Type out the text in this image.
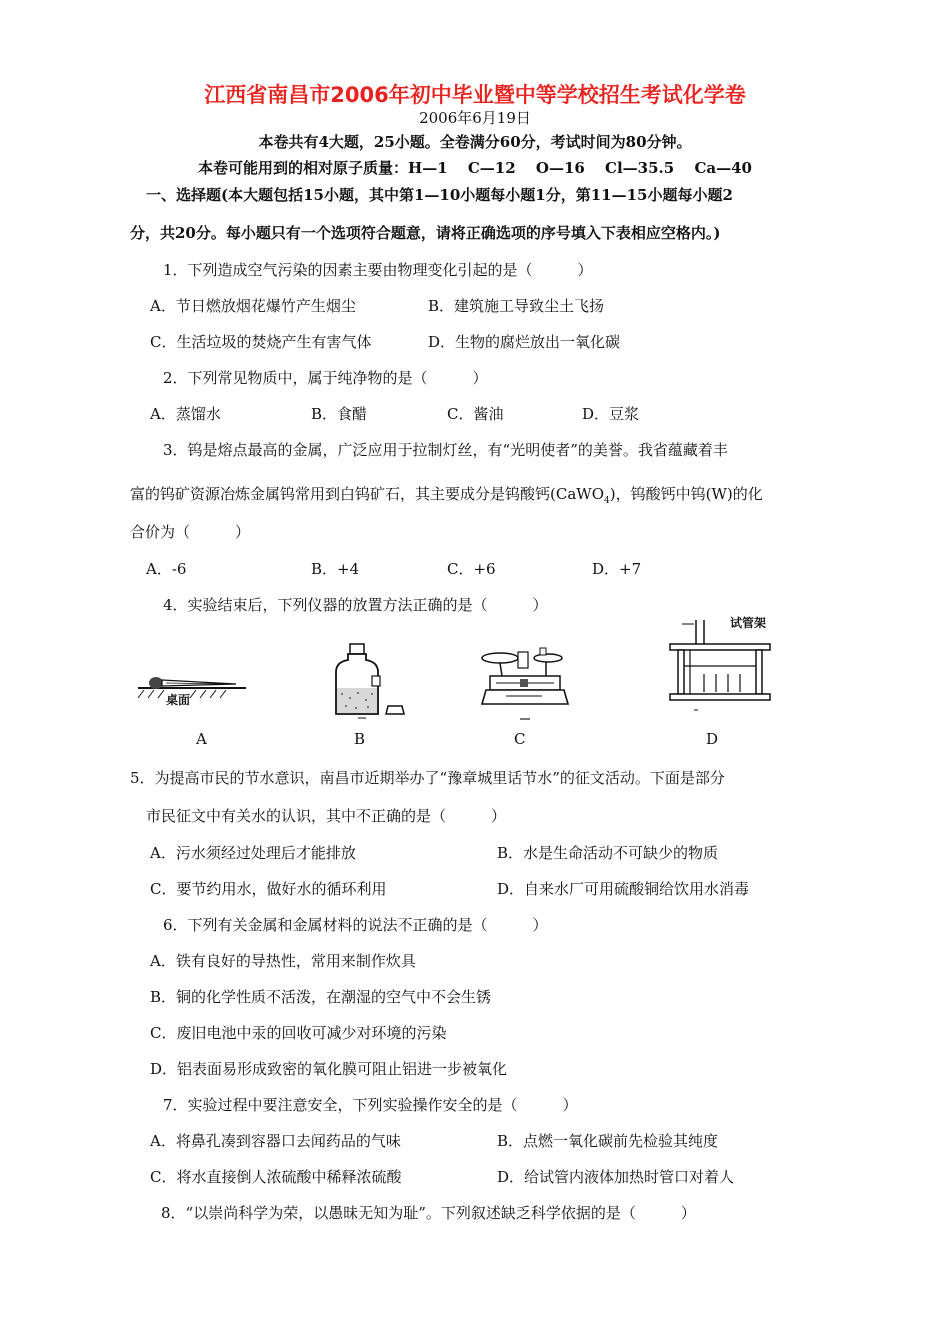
江西省南昌市2006年初中毕业暨中等学校招生考试化学卷
2006年6月19日
本卷共有4大题，25小题。全卷满分60分，考试时间为80分钟。
本卷可能用到的相对原子质量：H—1　 C—12　 O—16　 Cl—35.5　 Ca—40
一、选择题(本大题包括15小题，其中第1—10小题每小题1分，第11—15小题每小题2
分，共20分。每小题只有一个选项符合题意，请将正确选项的序号填入下表相应空格内。)
1．下列造成空气污染的因素主要由物理变化引起的是（　　　）
A．节日燃放烟花爆竹产生烟尘	B．建筑施工导致尘土飞扬
C．生活垃圾的焚烧产生有害气体	D．生物的腐烂放出一氧化碳
2．下列常见物质中，属于纯净物的是（　　　）
A．蒸馏水	B．食醋	C．酱油	D．豆浆
3．钨是熔点最高的金属，广泛应用于拉制灯丝，有“光明使者”的美誉。我省蕴藏着丰
富的钨矿资源冶炼金属钨常用到白钨矿石，其主要成分是钨酸钙(CaWO$_4$)，钨酸钙中钨(W)的化
合价为（　　　）
A．-6	B．+4	C．+6	D．+7
4．实验结束后，下列仪器的放置方法正确的是（　　　）
桌面
试管架
A	B	C	D
5．为提高市民的节水意识，南昌市近期举办了“豫章城里话节水”的征文活动。下面是部分
市民征文中有关水的认识，其中不正确的是（　　　）
A．污水须经过处理后才能排放	B．水是生命活动不可缺少的物质
C．要节约用水，做好水的循环利用	D．自来水厂可用硫酸铜给饮用水消毒
6．下列有关金属和金属材料的说法不正确的是（　　　）
A．铁有良好的导热性，常用来制作炊具
B．铜的化学性质不活泼，在潮湿的空气中不会生锈
C．废旧电池中汞的回收可减少对环境的污染
D．铝表面易形成致密的氧化膜可阻止铝进一步被氧化
7．实验过程中要注意安全，下列实验操作安全的是（　　　）
A．将鼻孔凑到容器口去闻药品的气味	B．点燃一氧化碳前先检验其纯度
C．将水直接倒人浓硫酸中稀释浓硫酸	D．给试管内液体加热时管口对着人
8．“以崇尚科学为荣，以愚昧无知为耻”。下列叙述缺乏科学依据的是（　　　）
